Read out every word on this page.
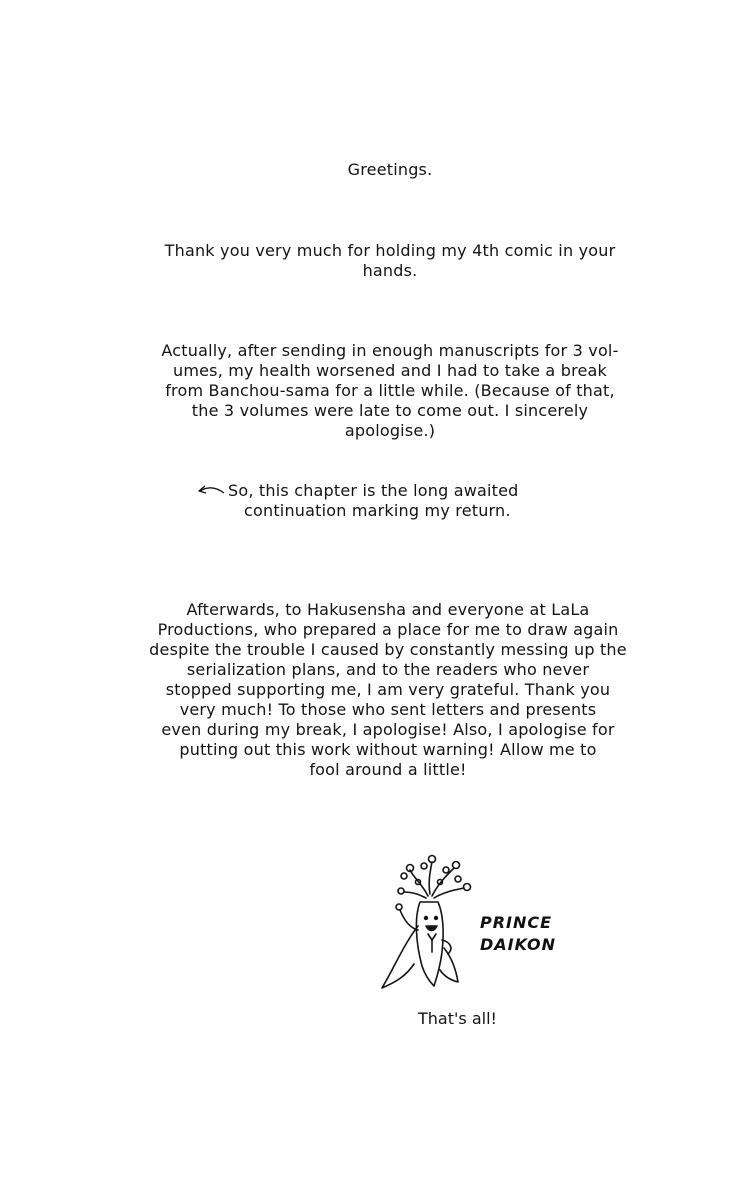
Greetings.

Thank you very much for holding my 4th comic in your

hands.

Actually, after sending in enough manuscripts for 3 vol-

umes, my health worsened and I had to take a break

from Banchou-sama for a little while. (Because of that,

the 3 volumes were late to come out. I sincerely

apologise.)

So, this chapter is the long awaited
continuation marking my return.

Afterwards, to Hakusensha and everyone at LaLa

Productions, who prepared a place for me to draw again

despite the trouble I caused by constantly messing up the

serialization plans, and to the readers who never

stopped supporting me, I am very grateful. Thank you

very much! To those who sent letters and presents

even during my break, I apologise! Also, I apologise for

putting out this work without warning! Allow me to

fool around a little!

PRINCE
DAIKON
That's all!
